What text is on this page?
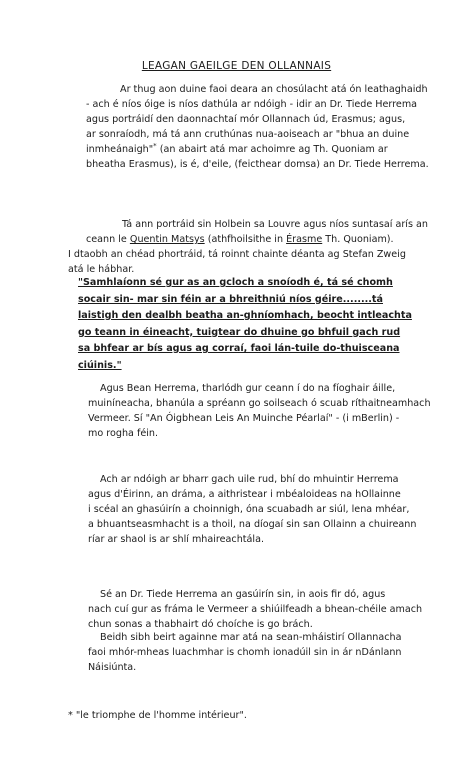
LEAGAN GAEILGE DEN OLLANNAIS
Ar thug aon duine faoi deara an chosúlacht atá ón leathaghaidh
- ach é níos óige is níos dathúla ar ndóigh - idir an Dr. Tiede Herrema
agus portráidí den daonnachtaí mór Ollannach úd, Erasmus; agus,
ar sonraíodh, má tá ann cruthúnas nua-aoiseach ar "bhua an duine
inmheánaigh"* (an abairt atá mar achoimre ag Th. Quoniam ar
bheatha Erasmus), is é, d'eile, (feicthear domsa) an Dr. Tiede Herrema.
Tá ann portráid sin Holbein sa Louvre agus níos suntasaí arís an
ceann le Quentin Matsys (athfhoilsithe in Érasme Th. Quoniam).
I dtaobh an chéad phortráid, tá roinnt chainte déanta ag Stefan Zweig
atá le hábhar.
"Samhlaíonn sé gur as an gcloch a snoíodh é, tá sé chomh
socair sin- mar sin féin ar a bhreithniú níos géire........tá
laistigh den dealbh beatha an-ghníomhach, beocht intleachta
go teann in éineacht, tuigtear do dhuine go bhfuil gach rud
sa bhfear ar bís agus ag corraí, faoi lán-tuile do-thuisceana
ciúinis."
Agus Bean Herrema, tharlódh gur ceann í do na fíoghair áille,
muiníneacha, bhanúla a spréann go soilseach ó scuab ríthaitneamhach
Vermeer. Sí "An Óigbhean Leis An Muinche Péarlaí" - (i mBerlin) -
mo rogha féin.
Ach ar ndóigh ar bharr gach uile rud, bhí do mhuintir Herrema
agus d'Éirinn, an dráma, a aithristear i mbéaloideas na hOllainne
i scéal an ghasúirín a choinnigh, óna scuabadh ar siúl, lena mhéar,
a bhuantseasmhacht is a thoil, na díogaí sin san Ollainn a chuireann
ríar ar shaol is ar shlí mhaireachtála.
Sé an Dr. Tiede Herrema an gasúirín sin, in aois fir dó, agus
nach cuí gur as fráma le Vermeer a shiúilfeadh a bhean-chéile amach
chun sonas a thabhairt dó choíche is go brách.
Beidh sibh beirt againne mar atá na sean-mháistirí Ollannacha
faoi mhór-mheas luachmhar is chomh ionadúil sin in ár nDánlann
Náisiúnta.
* "le triomphe de l'homme intérieur".
